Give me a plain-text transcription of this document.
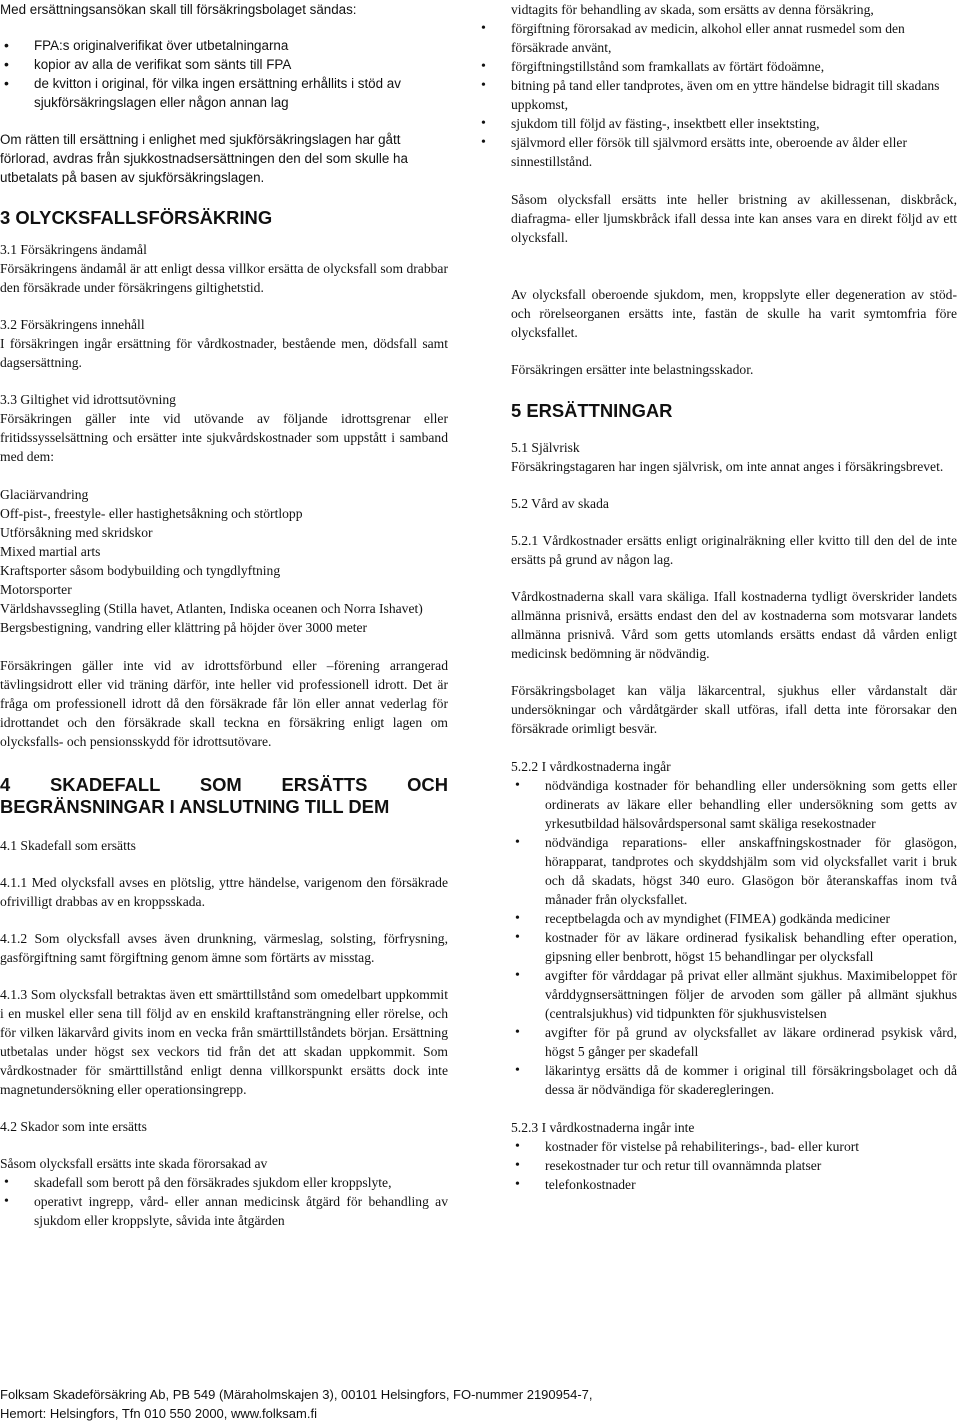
Med ersättningsansökan skall till försäkringsbolaget sändas:

• FPA:s originalverifikat över utbetalningarna
• kopior av alla de verifikat som sänts till FPA
• de kvitton i original, för vilka ingen ersättning erhållits i stöd av sjukförsäkringslagen eller någon annan lag

Om rätten till ersättning i enlighet med sjukförsäkringslagen har gått förlorad, avdras från sjukkostnadsersättningen den del som skulle ha utbetalats på basen av sjukförsäkringslagen.

3 OLYCKSFALLSFÖRSÄKRING

3.1 Försäkringens ändamål

Försäkringens ändamål är att enligt dessa villkor ersätta de olycksfall som drabbar den försäkrade under försäkringens giltighetstid.

3.2 Försäkringens innehåll

I försäkringen ingår ersättning för vårdkostnader, bestående men, dödsfall samt dagsersättning.

3.3 Giltighet vid idrottsutövning

Försäkringen gäller inte vid utövande av följande idrottsgrenar eller fritidssysselsättning och ersätter inte sjukvårdskostnader som uppstått i samband med dem:

Glaciärvandring

Off-pist-, freestyle- eller hastighetsåkning och störtlopp

Utförsåkning med skridskor

Mixed martial arts

Kraftsporter såsom bodybuilding och tyngdlyftning

Motorsporter

Världshavssegling (Stilla havet, Atlanten, Indiska oceanen och Norra Ishavet)

Bergsbestigning, vandring eller klättring på höjder över 3000 meter

Försäkringen gäller inte vid av idrottsförbund eller –förening arrangerad tävlingsidrott eller vid träning därför, inte heller vid professionell idrott. Det är fråga om professionell idrott då den försäkrade får lön eller annat vederlag för idrottandet och den försäkrade skall teckna en försäkring enligt lagen om olycksfalls- och pensionsskydd för idrottsutövare.

4 SKADEFALL SOM ERSÄTTS OCH BEGRÄNSNINGAR I ANSLUTNING TILL DEM

4.1 Skadefall som ersätts

4.1.1 Med olycksfall avses en plötslig, yttre händelse, varigenom den försäkrade ofrivilligt drabbas av en kroppsskada.

4.1.2 Som olycksfall avses även drunkning, värmeslag, solsting, förfrysning, gasförgiftning samt förgiftning genom ämne som förtärts av misstag.

4.1.3 Som olycksfall betraktas även ett smärttillstånd som omedelbart uppkommit i en muskel eller sena till följd av en enskild kraftansträngning eller rörelse, och för vilken läkarvård givits inom en vecka från smärttillståndets början. Ersättning utbetalas under högst sex veckors tid från det att skadan uppkommit. Som vårdkostnader för smärttillstånd enligt denna villkorspunkt ersätts dock inte magnetundersökning eller operationsingrepp.

4.2 Skador som inte ersätts

Såsom olycksfall ersätts inte skada förorsakad av

• skadefall som berott på den försäkrades sjukdom eller kroppslyte,
• operativt ingrepp, vård- eller annan medicinsk åtgärd för behandling av sjukdom eller kroppslyte, såvida inte åtgärden
vidtagits för behandling av skada, som ersätts av denna försäkring,
• förgiftning förorsakad av medicin, alkohol eller annat rusmedel som den försäkrade använt,
• förgiftningstillstånd som framkallats av förtärt födoämne,
• bitning på tand eller tandprotes, även om en yttre händelse bidragit till skadans uppkomst,
• sjukdom till följd av fästing-, insektbett eller insektsting,
• självmord eller försök till självmord ersätts inte, oberoende av ålder eller sinnestillstånd.

Såsom olycksfall ersätts inte heller bristning av akillessenan, diskbråck, diafragma- eller ljumskbråck ifall dessa inte kan anses vara en direkt följd av ett olycksfall.

Av olycksfall oberoende sjukdom, men, kroppslyte eller degeneration av stöd- och rörelseorganen ersätts inte, fastän de skulle ha varit symtomfria före olycksfallet.

Försäkringen ersätter inte belastningsskador.

5 ERSÄTTNINGAR

5.1 Självrisk

Försäkringstagaren har ingen självrisk, om inte annat anges i försäkringsbrevet.

5.2 Vård av skada

5.2.1 Vårdkostnader ersätts enligt originalräkning eller kvitto till den del de inte ersätts på grund av någon lag.

Vårdkostnaderna skall vara skäliga. Ifall kostnaderna tydligt överskrider landets allmänna prisnivå, ersätts endast den del av kostnaderna som motsvarar landets allmänna prisnivå. Vård som getts utomlands ersätts endast då vården enligt medicinsk bedömning är nödvändig.

Försäkringsbolaget kan välja läkarcentral, sjukhus eller vårdanstalt där undersökningar och vårdåtgärder skall utföras, ifall detta inte förorsakar den försäkrade orimligt besvär.

5.2.2 I vårdkostnaderna ingår

• nödvändiga kostnader för behandling eller undersökning som getts eller ordinerats av läkare eller behandling eller undersökning som getts av yrkesutbildad hälsovårdspersonal samt skäliga resekostnader
• nödvändiga reparations- eller anskaffningskostnader för glasögon, hörapparat, tandprotes och skyddshjälm som vid olycksfallet varit i bruk och då skadats, högst 340 euro. Glasögon bör återanskaffas inom två månader från olycksfallet.
• receptbelagda och av myndighet (FIMEA) godkända mediciner
• kostnader för av läkare ordinerad fysikalisk behandling efter operation, gipsning eller benbrott, högst 15 behandlingar per olycksfall
• avgifter för vårddagar på privat eller allmänt sjukhus. Maximibeloppet för vårddygnsersättningen följer de arvoden som gäller på allmänt sjukhus (centralsjukhus) vid tidpunkten för sjukhusvistelsen
• avgifter för på grund av olycksfallet av läkare ordinerad psykisk vård, högst 5 gånger per skadefall
• läkarintyg ersätts då de kommer i original till försäkringsbolaget och då dessa är nödvändiga för skaderegleringen.

5.2.3 I vårdkostnaderna ingår inte

• kostnader för vistelse på rehabiliterings-, bad- eller kurort
• resekostnader tur och retur till ovannämnda platser
• telefonkostnader
Folksam Skadeförsäkring Ab, PB 549 (Märaholmskajen 3), 00101 Helsingfors, FO-nummer 2190954-7,
Hemort: Helsingfors, Tfn 010 550 2000, www.folksam.fi
